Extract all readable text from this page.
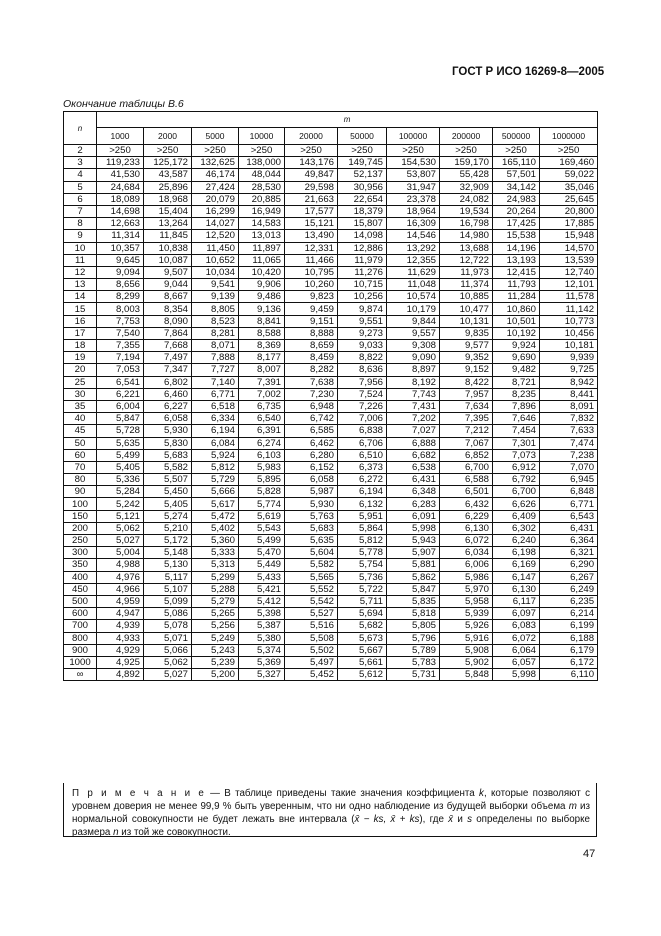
ГОСТ Р ИСО 16269-8—2005
Окончание таблицы В.6
n	m									
	1000	2000	5000	10000	20000	50000	100000	200000	500000	1000000
2	>250	>250	>250	>250	>250	>250	>250	>250	>250	>250
3	119,233	125,172	132,625	138,000	143,176	149,745	154,530	159,170	165,110	169,460
4	41,530	43,587	46,174	48,044	49,847	52,137	53,807	55,428	57,501	59,022
5	24,684	25,896	27,424	28,530	29,598	30,956	31,947	32,909	34,142	35,046
6	18,089	18,968	20,079	20,885	21,663	22,654	23,378	24,082	24,983	25,645
7	14,698	15,404	16,299	16,949	17,577	18,379	18,964	19,534	20,264	20,800
8	12,663	13,264	14,027	14,583	15,121	15,807	16,309	16,798	17,425	17,885
9	11,314	11,845	12,520	13,013	13,490	14,098	14,546	14,980	15,538	15,948
10	10,357	10,838	11,450	11,897	12,331	12,886	13,292	13,688	14,196	14,570
11	9,645	10,087	10,652	11,065	11,466	11,979	12,355	12,722	13,193	13,539
12	9,094	9,507	10,034	10,420	10,795	11,276	11,629	11,973	12,415	12,740
13	8,656	9,044	9,541	9,906	10,260	10,715	11,048	11,374	11,793	12,101
14	8,299	8,667	9,139	9,486	9,823	10,256	10,574	10,885	11,284	11,578
15	8,003	8,354	8,805	9,136	9,459	9,874	10,179	10,477	10,860	11,142
16	7,753	8,090	8,523	8,841	9,151	9,551	9,844	10,131	10,501	10,773
17	7,540	7,864	8,281	8,588	8,888	9,273	9,557	9,835	10,192	10,456
18	7,355	7,668	8,071	8,369	8,659	9,033	9,308	9,577	9,924	10,181
19	7,194	7,497	7,888	8,177	8,459	8,822	9,090	9,352	9,690	9,939
20	7,053	7,347	7,727	8,007	8,282	8,636	8,897	9,152	9,482	9,725
25	6,541	6,802	7,140	7,391	7,638	7,956	8,192	8,422	8,721	8,942
30	6,221	6,460	6,771	7,002	7,230	7,524	7,743	7,957	8,235	8,441
35	6,004	6,227	6,518	6,735	6,948	7,226	7,431	7,634	7,896	8,091
40	5,847	6,058	6,334	6,540	6,742	7,006	7,202	7,395	7,646	7,832
45	5,728	5,930	6,194	6,391	6,585	6,838	7,027	7,212	7,454	7,633
50	5,635	5,830	6,084	6,274	6,462	6,706	6,888	7,067	7,301	7,474
60	5,499	5,683	5,924	6,103	6,280	6,510	6,682	6,852	7,073	7,238
70	5,405	5,582	5,812	5,983	6,152	6,373	6,538	6,700	6,912	7,070
80	5,336	5,507	5,729	5,895	6,058	6,272	6,431	6,588	6,792	6,945
90	5,284	5,450	5,666	5,828	5,987	6,194	6,348	6,501	6,700	6,848
100	5,242	5,405	5,617	5,774	5,930	6,132	6,283	6,432	6,626	6,771
150	5,121	5,274	5,472	5,619	5,763	5,951	6,091	6,229	6,409	6,543
200	5,062	5,210	5,402	5,543	5,683	5,864	5,998	6,130	6,302	6,431
250	5,027	5,172	5,360	5,499	5,635	5,812	5,943	6,072	6,240	6,364
300	5,004	5,148	5,333	5,470	5,604	5,778	5,907	6,034	6,198	6,321
350	4,988	5,130	5,313	5,449	5,582	5,754	5,881	6,006	6,169	6,290
400	4,976	5,117	5,299	5,433	5,565	5,736	5,862	5,986	6,147	6,267
450	4,966	5,107	5,288	5,421	5,552	5,722	5,847	5,970	6,130	6,249
500	4,959	5,099	5,279	5,412	5,542	5,711	5,835	5,958	6,117	6,235
600	4,947	5,086	5,265	5,398	5,527	5,694	5,818	5,939	6,097	6,214
700	4,939	5,078	5,256	5,387	5,516	5,682	5,805	5,926	6,083	6,199
800	4,933	5,071	5,249	5,380	5,508	5,673	5,796	5,916	6,072	6,188
900	4,929	5,066	5,243	5,374	5,502	5,667	5,789	5,908	6,064	6,179
1000	4,925	5,062	5,239	5,369	5,497	5,661	5,783	5,902	6,057	6,172
∞	4,892	5,027	5,200	5,327	5,452	5,612	5,731	5,848	5,998	6,110
П р и м е ч а н и е — В таблице приведены такие значения коэффициента k, которые позволяют с уровнем доверия не менее 99,9 % быть уверенным, что ни одно наблюдение из будущей выборки объема m из нормальной совокупности не будет лежать вне интервала (x̄ − ks, x̄ + ks), где x̄ и s определены по выборке размера n из той же совокупности.
47
